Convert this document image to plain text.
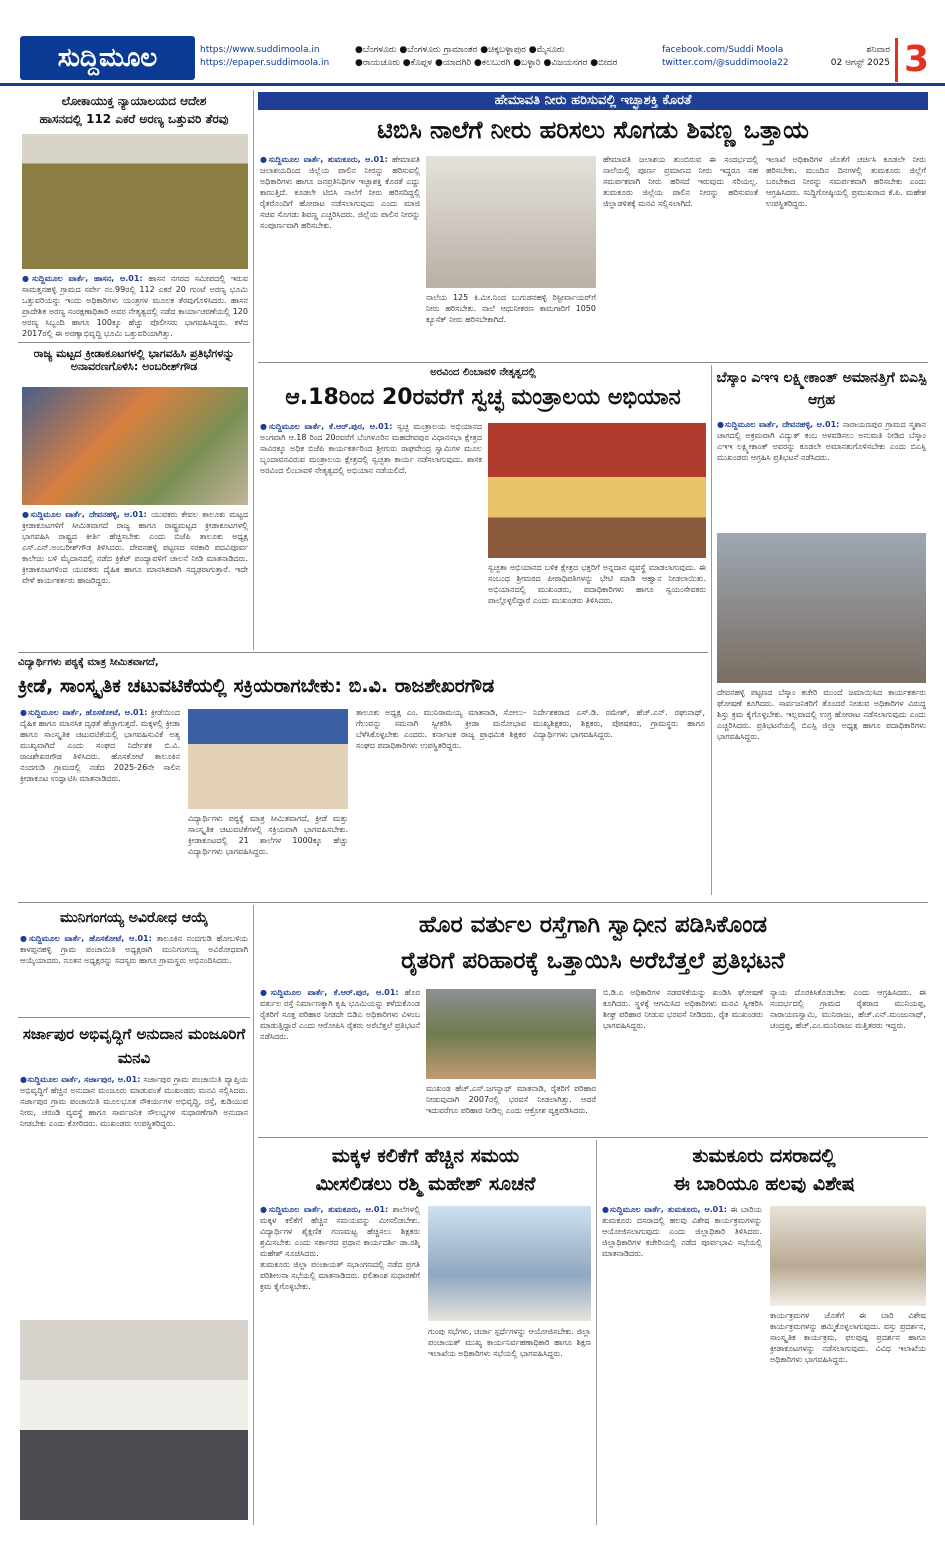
ಸುದ್ದಿಮೂಲ	https://www.suddimoola.in
https://epaper.suddimoola.in
●ಬೆಂಗಳೂರು ●ಬೆಂಗಳೂರು ಗ್ರಾಮಾಂತರ ●ಚಿಕ್ಕಬಳ್ಳಾಪುರ ●ಮೈಸೂರು
●ರಾಯಚೂರು ●ಕೊಪ್ಪಳ ●ಯಾದಗಿರಿ ●ಕಲಬುರಗಿ ●ಬಳ್ಳಾರಿ ●ವಿಜಯನಗರ ●ಬೀದರ
facebook.com/Suddi Moola
twitter.com/@suddimoola22
ಶನಿವಾರ
02 ಆಗಸ್ಟ್ 2025 3
ಲೋಕಾಯುಕ್ತ ನ್ಯಾಯಾಲಯದ ಆದೇಶ
ಹಾಸನದಲ್ಲಿ 112 ಎಕರೆ ಅರಣ್ಯ ಒತ್ತುವರಿ ತೆರವು
●ಸುದ್ದಿಮೂಲ ವಾರ್ತೆ, ಹಾಸನ, ಆ.01: ಹಾಸನ ನಗರದ ಸಮೀಪದಲ್ಲಿ ಇರುವ ಸಾಮತ್ತನಹಳ್ಳಿ ಗ್ರಾಮದ ಸರ್ವೇ ನಂ.99ರಲ್ಲಿ 112 ಎಕರೆ 20 ಗುಂಟೆ ಅರಣ್ಯ ಭೂಮಿ ಒತ್ತುವರಿಯನ್ನು ಇಂದು ಅಧಿಕಾರಿಗಳು ಯಂತ್ರಗಳ ಮೂಲಕ ತೆರವುಗೊಳಿಸಿದರು. ಹಾಸನ ಪ್ರಾದೇಶಿಕ ಅರಣ್ಯ ಸಂರಕ್ಷಣಾಧಿಕಾರಿ ಅವರ ನೇತೃತ್ವದಲ್ಲಿ ನಡೆದ ಕಾರ್ಯಾಚರಣೆಯಲ್ಲಿ 120 ಅರಣ್ಯ ಸಿಬ್ಬಂದಿ ಹಾಗೂ 100ಕ್ಕೂ ಹೆಚ್ಚು ಪೊಲೀಸರು ಭಾಗವಹಿಸಿದ್ದರು. ಕಳೆದ 2017ರಲ್ಲಿ ಈ ಅರಣ್ಯಾಭಿವೃದ್ಧಿ ಭೂಮಿ ಒತ್ತುವರಿಯಾಗಿತ್ತು.
ಹೇಮಾವತಿ ನೀರು ಹರಿಸುವಲ್ಲಿ ಇಚ್ಛಾಶಕ್ತಿ ಕೊರತೆ
ಟಿಬಿಸಿ ನಾಲೆಗೆ ನೀರು ಹರಿಸಲು ಸೊಗಡು ಶಿವಣ್ಣ ಒತ್ತಾಯ
●ಸುದ್ದಿಮೂಲ ವಾರ್ತೆ, ತುಮಕೂರು, ಆ.01: ಹೇಮಾವತಿ ಜಲಾಶಯದಿಂದ ಜಿಲ್ಲೆಯ ಪಾಲಿನ ನೀರನ್ನು ಹರಿಸುವಲ್ಲಿ ಅಧಿಕಾರಿಗಳು ಹಾಗೂ ಜನಪ್ರತಿನಿಧಿಗಳ ಇಚ್ಛಾಶಕ್ತಿ ಕೊರತೆ ಎದ್ದು ಕಾಣುತ್ತಿದೆ. ಕೂಡಲೇ ಟಿಬಿಸಿ ನಾಲೆಗೆ ನೀರು ಹರಿಸದಿದ್ದಲ್ಲಿ ರೈತರೊಂದಿಗೆ ಹೋರಾಟ ನಡೆಸಲಾಗುವುದು ಎಂದು ಮಾಜಿ ಸಚಿವ ಸೊಗಡು ಶಿವಣ್ಣ ಎಚ್ಚರಿಸಿದರು. ಜಿಲ್ಲೆಯ ಪಾಲಿನ ನೀರನ್ನು ಸಂಪೂರ್ಣವಾಗಿ ಹರಿಸಬೇಕು.
ನಾಲೆಯ 125 ಕಿ.ಮೀ.ನಿಂದ ಬುಗುಡನಹಳ್ಳಿ ರಿಸ್ಟೀರ್ವಾಯರ್‌ಗೆ ನೀರು ಹರಿಸಬೇಕು. ನಾಲೆ ಆಧುನೀಕರಣ ಕಾಮಗಾರಿಗೆ 1050 ಕ್ಯೂಸೆಕ್ ನೀರು ಹರಿಸಬೇಕಾಗಿದೆ.
ಹೇಮಾವತಿ ಜಲಾಶಯ ತುಂಬಿರುವ ಈ ಸಂದರ್ಭದಲ್ಲಿ ನಾಲೆಯಲ್ಲಿ ಪೂರ್ಣ ಪ್ರಮಾಣದ ನೀರು ಇದ್ದರೂ ಸಹ ಸಮರ್ಪಕವಾಗಿ ನೀರು ಹರಿಸದೆ ಇರುವುದು ಸರಿಯಲ್ಲ. ತುಮಕೂರು ಜಿಲ್ಲೆಯ ಪಾಲಿನ ನೀರನ್ನು ಹರಿಸುವಂತೆ ಜಿಲ್ಲಾಡಳಿತಕ್ಕೆ ಮನವಿ ಸಲ್ಲಿಸಲಾಗಿದೆ.
ಇಲಾಖೆ ಅಧಿಕಾರಿಗಳ ಜೊತೆಗೆ ಚರ್ಚಿಸಿ ಕೂಡಲೇ ನೀರು ಹರಿಸಬೇಕು. ಮುಂದಿನ ದಿನಗಳಲ್ಲಿ ತುಮಕೂರು ಜಿಲ್ಲೆಗೆ ಬರಬೇಕಾದ ನೀರನ್ನು ಸಮರ್ಪಕವಾಗಿ ಹರಿಸಬೇಕು ಎಂದು ಆಗ್ರಹಿಸಿದರು. ಸುದ್ದಿಗೋಷ್ಠಿಯಲ್ಲಿ ಪ್ರಮುಖರಾದ ಕೆ.ಪಿ. ಮಹೇಶ ಉಪಸ್ಥಿತರಿದ್ದರು.
ರಾಜ್ಯ ಮಟ್ಟದ ಕ್ರೀಡಾಕೂಟಗಳಲ್ಲಿ ಭಾಗವಹಿಸಿ ಪ್ರತಿಭೆಗಳನ್ನು ಅನಾವರಣಗೊಳಿಸಿ: ಅಂಬರೀಶ್‌ಗೌಡ
●ಸುದ್ದಿಮೂಲ ವಾರ್ತೆ, ದೇವನಹಳ್ಳಿ, ಆ.01: ಯುವಕರು ಕೇವಲ ತಾಲೂಕು ಮಟ್ಟದ ಕ್ರೀಡಾಕೂಟಗಳಿಗೆ ಸೀಮಿತವಾಗದೆ ರಾಜ್ಯ ಹಾಗೂ ರಾಷ್ಟ್ರಮಟ್ಟದ ಕ್ರೀಡಾಕೂಟಗಳಲ್ಲಿ ಭಾಗವಹಿಸಿ ರಾಷ್ಟ್ರದ ಕೀರ್ತಿ ಹೆಚ್ಚಿಸಬೇಕು ಎಂದು ಬಿಜೆಪಿ ತಾಲೂಕು ಅಧ್ಯಕ್ಷ ಎಸ್.ಎನ್.ಅಂಬರೀಶ್‌ಗೌಡ ತಿಳಿಸಿದರು. ದೇವನಹಳ್ಳಿ ಪಟ್ಟಣದ ಸರಕಾರಿ ಪದವಿಪೂರ್ವ ಕಾಲೇಜು ಬಳಿ ಮೈದಾನದಲ್ಲಿ ನಡೆದ ಕ್ರಿಕೆಟ್ ಪಂದ್ಯಾವಳಿಗೆ ಚಾಲನೆ ನೀಡಿ ಮಾತನಾಡಿದರು. ಕ್ರೀಡಾಕೂಟಗಳಿಂದ ಯುವಕರು ದೈಹಿಕ ಹಾಗೂ ಮಾನಸಿಕವಾಗಿ ಸದೃಢರಾಗುತ್ತಾರೆ. ಇದೇ ವೇಳೆ ಕಾರ್ಯಕರ್ತರು ಹಾಜರಿದ್ದರು.
ಅರವಿಂದ ಲಿಂಬಾವಳಿ ನೇತೃತ್ವದಲ್ಲಿ
ಆ.18ರಿಂದ 20ರವರೆಗೆ ಸ್ವಚ್ಛ ಮಂತ್ರಾಲಯ ಅಭಿಯಾನ
●ಸುದ್ದಿಮೂಲ ವಾರ್ತೆ, ಕೆ.ಆರ್.ಪುರ, ಆ.01: ಸ್ವಚ್ಛ ಮಂತ್ರಾಲಯ ಅಭಿಯಾನದ ಅಂಗವಾಗಿ ಆ.18 ರಿಂದ 20ರವರೆಗೆ ಬೆಂಗಳೂರಿನ ಮಹದೇವಪುರ ವಿಧಾನಸಭಾ ಕ್ಷೇತ್ರದ ಸಾವಿರಕ್ಕೂ ಅಧಿಕ ಬಿಜೆಪಿ ಕಾರ್ಯಕರ್ತರಿಂದ ಶ್ರೀಗುರು ರಾಘವೇಂದ್ರ ಸ್ವಾಮಿಗಳ ಮೂಲ ಬೃಂದಾವನವಿರುವ ಮಂತ್ರಾಲಯ ಕ್ಷೇತ್ರದಲ್ಲಿ ಸ್ವಚ್ಛತಾ ಕಾರ್ಯ ನಡೆಸಲಾಗುವುದು. ಶಾಸಕ ಅರವಿಂದ ಲಿಂಬಾವಳಿ ನೇತೃತ್ವದಲ್ಲಿ ಅಭಿಯಾನ ನಡೆಯಲಿದೆ.
ಸ್ವಚ್ಛತಾ ಅಭಿಯಾನದ ಬಳಿಕ ಕ್ಷೇತ್ರದ ಭಕ್ತರಿಗೆ ಅನ್ನದಾನ ವ್ಯವಸ್ಥೆ ಮಾಡಲಾಗುವುದು. ಈ ಸಂಬಂಧ ಶ್ರೀಮಠದ ಪೀಠಾಧಿಪತಿಗಳನ್ನು ಭೇಟಿ ಮಾಡಿ ಆಹ್ವಾನ ನೀಡಲಾಯಿತು. ಅಭಿಯಾನದಲ್ಲಿ ಮುಖಂಡರು, ಪದಾಧಿಕಾರಿಗಳು ಹಾಗೂ ಸ್ವಯಂಸೇವಕರು ಪಾಲ್ಗೊಳ್ಳಲಿದ್ದಾರೆ ಎಂದು ಮುಖಂಡರು ತಿಳಿಸಿದರು.
ಬೆಸ್ಕಾಂ ಎಇಇ ಲಕ್ಷ್ಮೀಕಾಂತ್ ಅಮಾನತ್ತಿಗೆ ಬಿಎಸ್ಪಿ ಆಗ್ರಹ
●ಸುದ್ದಿಮೂಲ ವಾರ್ತೆ, ದೇವನಹಳ್ಳಿ, ಆ.01: ನಾರಾಯಣಪುರ ಗ್ರಾಮದ ಸ್ಮಶಾನ ಜಾಗದಲ್ಲಿ ಅಕ್ರಮವಾಗಿ ವಿದ್ಯುತ್ ಕಂಬ ಅಳವಡಿಸಲು ಅನುಮತಿ ನೀಡಿದ ಬೆಸ್ಕಾಂ ಎಇಇ ಲಕ್ಷ್ಮೀಕಾಂತ್ ಅವರನ್ನು ಕೂಡಲೇ ಅಮಾನತುಗೊಳಿಸಬೇಕು ಎಂದು ಬಿಎಸ್ಪಿ ಮುಖಂಡರು ಆಗ್ರಹಿಸಿ ಪ್ರತಿಭಟನೆ ನಡೆಸಿದರು.
ದೇವನಹಳ್ಳಿ ಪಟ್ಟಣದ ಬೆಸ್ಕಾಂ ಕಚೇರಿ ಮುಂದೆ ಜಮಾಯಿಸಿದ ಕಾರ್ಯಕರ್ತರು ಘೋಷಣೆ ಕೂಗಿದರು. ಸಾರ್ವಜನಿಕರಿಗೆ ತೊಂದರೆ ನೀಡುವ ಅಧಿಕಾರಿಗಳ ವಿರುದ್ಧ ಶಿಸ್ತು ಕ್ರಮ ಕೈಗೊಳ್ಳಬೇಕು. ಇಲ್ಲವಾದಲ್ಲಿ ಉಗ್ರ ಹೋರಾಟ ನಡೆಸಲಾಗುವುದು ಎಂದು ಎಚ್ಚರಿಸಿದರು. ಪ್ರತಿಭಟನೆಯಲ್ಲಿ ಬಿಎಸ್ಪಿ ಜಿಲ್ಲಾ ಅಧ್ಯಕ್ಷ ಹಾಗೂ ಪದಾಧಿಕಾರಿಗಳು ಭಾಗವಹಿಸಿದ್ದರು.
ವಿದ್ಯಾರ್ಥಿಗಳು ಪಠ್ಯಕ್ಕೆ ಮಾತ್ರ ಸೀಮಿತವಾಗದೆ,
ಕ್ರೀಡೆ, ಸಾಂಸ್ಕೃತಿಕ ಚಟುವಟಿಕೆಯಲ್ಲಿ ಸಕ್ರಿಯರಾಗಬೇಕು: ಬಿ.ವಿ. ರಾಜಶೇಖರಗೌಡ
●ಸುದ್ದಿಮೂಲ ವಾರ್ತೆ, ಹೊಸಕೋಟೆ, ಆ.01: ಕ್ರೀಡೆಯಿಂದ ದೈಹಿಕ ಹಾಗೂ ಮಾನಸಿಕ ದೃಢತೆ ಹೆಚ್ಚಾಗುತ್ತದೆ. ಮಕ್ಕಳಲ್ಲಿ ಕ್ರೀಡಾ ಹಾಗೂ ಸಾಂಸ್ಕೃತಿಕ ಚಟುವಟಿಕೆಯಲ್ಲಿ ಭಾಗವಹಿಸುವಿಕೆ ಅತ್ಯ ಮುಖ್ಯವಾಗಿದೆ ಎಂದು ಸಂಘದ ನಿರ್ದೇಶಕ ಬಿ.ವಿ. ರಾಜಶೇಖರಗೌಡ ತಿಳಿಸಿದರು. ಹೊಸಕೋಟೆ ತಾಲೂಕಿನ ನಂದಗುಡಿ ಗ್ರಾಮದಲ್ಲಿ ನಡೆದ 2025-26ನೇ ಸಾಲಿನ ಕ್ರೀಡಾಕೂಟ ಉದ್ಘಾಟಿಸಿ ಮಾತನಾಡಿದರು.
ವಿದ್ಯಾರ್ಥಿಗಳು ಪಠ್ಯಕ್ಕೆ ಮಾತ್ರ ಸೀಮಿತವಾಗದೆ, ಕ್ರೀಡೆ ಮತ್ತು ಸಾಂಸ್ಕೃತಿಕ ಚಟುವಟಿಕೆಗಳಲ್ಲಿ ಸಕ್ರಿಯವಾಗಿ ಭಾಗವಹಿಸಬೇಕು. ಕ್ರೀಡಾಕೂಟದಲ್ಲಿ 21 ಶಾಲೆಗಳ 1000ಕ್ಕೂ ಹೆಚ್ಚು ವಿದ್ಯಾರ್ಥಿಗಳು ಭಾಗವಹಿಸಿದ್ದರು.
ತಾಲೂಕು ಅಧ್ಯಕ್ಷ ಎಂ. ಮುನಿರಾಮಯ್ಯ ಮಾತನಾಡಿ, ಸೋಲು-ಗೆಲುವನ್ನು ಸಮನಾಗಿ ಸ್ವೀಕರಿಸಿ ಕ್ರೀಡಾ ಮನೋಭಾವ ಬೆಳೆಸಿಕೊಳ್ಳಬೇಕು ಎಂದರು. ಕರ್ನಾಟಕ ರಾಜ್ಯ ಪ್ರಾಥಮಿಕ ಶಿಕ್ಷಕರ ಸಂಘದ ಪದಾಧಿಕಾರಿಗಳು ಉಪಸ್ಥಿತರಿದ್ದರು.
ನಿರ್ದೇಶಕರಾದ ಎಸ್.ಡಿ. ರಮೇಶ್, ಹೆಚ್.ಎನ್. ರಘುನಾಥ್, ಮುಖ್ಯಶಿಕ್ಷಕರು, ಶಿಕ್ಷಕರು, ಪೋಷಕರು, ಗ್ರಾಮಸ್ಥರು ಹಾಗೂ ವಿದ್ಯಾರ್ಥಿಗಳು ಭಾಗವಹಿಸಿದ್ದರು.
ಮುನಿಗಂಗಯ್ಯ ಅವಿರೋಧ ಆಯ್ಕೆ
●ಸುದ್ದಿಮೂಲ ವಾರ್ತೆ, ಹೊಸಕೋಟೆ, ಆ.01: ತಾಲೂಕಿನ ನಂದಗುಡಿ ಹೋಬಳಿಯ ಕಾಳಪ್ಪನಹಳ್ಳಿ ಗ್ರಾಮ ಪಂಚಾಯಿತಿ ಅಧ್ಯಕ್ಷರಾಗಿ ಮುನಿಗಂಗಯ್ಯ ಅವಿರೋಧವಾಗಿ ಆಯ್ಕೆಯಾದರು. ನೂತನ ಅಧ್ಯಕ್ಷರನ್ನು ಸದಸ್ಯರು ಹಾಗೂ ಗ್ರಾಮಸ್ಥರು ಅಭಿನಂದಿಸಿದರು.
ಸರ್ಜಾಪುರ ಅಭಿವೃದ್ಧಿಗೆ ಅನುದಾನ ಮಂಜೂರಿಗೆ ಮನವಿ
●ಸುದ್ದಿಮೂಲ ವಾರ್ತೆ, ಸರ್ಜಾಪುರ, ಆ.01: ಸರ್ಜಾಪುರ ಗ್ರಾಮ ಪಂಚಾಯಿತಿ ವ್ಯಾಪ್ತಿಯ ಅಭಿವೃದ್ಧಿಗೆ ಹೆಚ್ಚಿನ ಅನುದಾನ ಮಂಜೂರು ಮಾಡುವಂತೆ ಮುಖಂಡರು ಮನವಿ ಸಲ್ಲಿಸಿದರು. ಸರ್ಜಾಪುರ ಗ್ರಾಮ ಪಂಚಾಯಿತಿ ಮೂಲಭೂತ ಸೌಕರ್ಯಗಳ ಅಭಿವೃದ್ಧಿ, ರಸ್ತೆ, ಕುಡಿಯುವ ನೀರು, ಚರಂಡಿ ವ್ಯವಸ್ಥೆ ಹಾಗೂ ಸಾರ್ವಜನಿಕ ಸೌಲಭ್ಯಗಳ ಸುಧಾರಣೆಗಾಗಿ ಅನುದಾನ ನೀಡಬೇಕು ಎಂದು ಕೋರಿದರು. ಮುಖಂಡರು ಉಪಸ್ಥಿತರಿದ್ದರು.
ಹೊರ ವರ್ತುಲ ರಸ್ತೆಗಾಗಿ ಸ್ವಾಧೀನ ಪಡಿಸಿಕೊಂಡ
ರೈತರಿಗೆ ಪರಿಹಾರಕ್ಕೆ ಒತ್ತಾಯಿಸಿ ಅರೆಬೆತ್ತಲೆ ಪ್ರತಿಭಟನೆ
●ಸುದ್ದಿಮೂಲ ವಾರ್ತೆ, ಕೆ.ಆರ್.ಪುರ, ಆ.01: ಹೊರ ವರ್ತುಲ ರಸ್ತೆ ನಿರ್ಮಾಣಕ್ಕಾಗಿ ಕೃಷಿ ಭೂಮಿಯನ್ನು ಕಳೆದುಕೊಂಡ ರೈತರಿಗೆ ಸೂಕ್ತ ಪರಿಹಾರ ನೀಡದೇ ಬಿಡಿಎ ಅಧಿಕಾರಿಗಳು ವಿಳಂಬ ಮಾಡುತ್ತಿದ್ದಾರೆ ಎಂದು ಆರೋಪಿಸಿ ರೈತರು ಅರೆಬೆತ್ತಲೆ ಪ್ರತಿಭಟನೆ ನಡೆಸಿದರು.
ಮುಖಂಡ ಹೆಚ್.ಎಸ್.ಜಗನ್ನಾಥ್ ಮಾತನಾಡಿ, ರೈತರಿಗೆ ಪರಿಹಾರ ನೀಡುವುದಾಗಿ 2007ರಲ್ಲಿ ಭರವಸೆ ನೀಡಲಾಗಿತ್ತು. ಆದರೆ ಇದುವರೆಗೂ ಪರಿಹಾರ ನೀಡಿಲ್ಲ ಎಂದು ಆಕ್ರೋಶ ವ್ಯಕ್ತಪಡಿಸಿದರು.
ಬಿ.ಡಿ.ಎ ಅಧಿಕಾರಿಗಳ ನಡವಳಿಕೆಯನ್ನು ಖಂಡಿಸಿ ಘೋಷಣೆ ಕೂಗಿದರು. ಸ್ಥಳಕ್ಕೆ ಆಗಮಿಸಿದ ಅಧಿಕಾರಿಗಳು ಮನವಿ ಸ್ವೀಕರಿಸಿ ಶೀಘ್ರ ಪರಿಹಾರ ನೀಡುವ ಭರವಸೆ ನೀಡಿದರು. ರೈತ ಮುಖಂಡರು ಭಾಗವಹಿಸಿದ್ದರು.
ನ್ಯಾಯ ದೊರಕಿಸಿಕೊಡಬೇಕು ಎಂದು ಆಗ್ರಹಿಸಿದರು. ಈ ಸಂದರ್ಭದಲ್ಲಿ ಗ್ರಾಮದ ರೈತರಾದ ಮುನಿಯಪ್ಪ, ನಾರಾಯಣಸ್ವಾಮಿ, ಮುನಿರಾಜು, ಹೆಚ್.ಎನ್.ಮಂಜುನಾಥ್, ಚಂದ್ರಪ್ಪ, ಹೆಚ್.ಎಂ.ಮುನಿರಾಜು ಮತ್ತಿತರರು ಇದ್ದರು.
ಮಕ್ಕಳ ಕಲಿಕೆಗೆ ಹೆಚ್ಚಿನ ಸಮಯ
ಮೀಸಲಿಡಲು ರಶ್ಮಿ ಮಹೇಶ್ ಸೂಚನೆ
●ಸುದ್ದಿಮೂಲ ವಾರ್ತೆ, ತುಮಕೂರು, ಆ.01: ಶಾಲೆಗಳಲ್ಲಿ ಮಕ್ಕಳ ಕಲಿಕೆಗೆ ಹೆಚ್ಚಿನ ಸಮಯವನ್ನು ಮೀಸಲಿಡಬೇಕು. ವಿದ್ಯಾರ್ಥಿಗಳ ಶೈಕ್ಷಣಿಕ ಗುಣಮಟ್ಟ ಹೆಚ್ಚಿಸಲು ಶಿಕ್ಷಕರು ಶ್ರಮಿಸಬೇಕು ಎಂದು ಸರ್ಕಾರದ ಪ್ರಧಾನ ಕಾರ್ಯದರ್ಶಿ ಡಾ.ರಶ್ಮಿ ಮಹೇಶ್ ಸೂಚಿಸಿದರು.
ತುಮಕೂರು ಜಿಲ್ಲಾ ಪಂಚಾಯತ್ ಸಭಾಂಗಣದಲ್ಲಿ ನಡೆದ ಪ್ರಗತಿ ಪರಿಶೀಲನಾ ಸಭೆಯಲ್ಲಿ ಮಾತನಾಡಿದರು. ಫಲಿತಾಂಶ ಸುಧಾರಣೆಗೆ ಕ್ರಮ ಕೈಗೊಳ್ಳಬೇಕು.
ಗುಂಪು ಸಭೆಗಳು, ಚರ್ಚಾ ಸ್ಪರ್ಧೆಗಳನ್ನು ಆಯೋಜಿಸಬೇಕು. ಜಿಲ್ಲಾ ಪಂಚಾಯತ್ ಮುಖ್ಯ ಕಾರ್ಯನಿರ್ವಹಣಾಧಿಕಾರಿ ಹಾಗೂ ಶಿಕ್ಷಣ ಇಲಾಖೆಯ ಅಧಿಕಾರಿಗಳು ಸಭೆಯಲ್ಲಿ ಭಾಗವಹಿಸಿದ್ದರು.
ತುಮಕೂರು ದಸರಾದಲ್ಲಿ
ಈ ಬಾರಿಯೂ ಹಲವು ವಿಶೇಷ
●ಸುದ್ದಿಮೂಲ ವಾರ್ತೆ, ತುಮಕೂರು, ಆ.01: ಈ ಬಾರಿಯ ತುಮಕೂರು ದಸರಾದಲ್ಲಿ ಹಲವು ವಿಶೇಷ ಕಾರ್ಯಕ್ರಮಗಳನ್ನು ಆಯೋಜಿಸಲಾಗುವುದು ಎಂದು ಜಿಲ್ಲಾಧಿಕಾರಿ ತಿಳಿಸಿದರು. ಜಿಲ್ಲಾಧಿಕಾರಿಗಳ ಕಚೇರಿಯಲ್ಲಿ ನಡೆದ ಪೂರ್ವಭಾವಿ ಸಭೆಯಲ್ಲಿ ಮಾತನಾಡಿದರು.
ಕಾರ್ಯಕ್ರಮಗಳ ಜೊತೆಗೆ ಈ ಬಾರಿ ವಿಶೇಷ ಕಾರ್ಯಕ್ರಮಗಳನ್ನು ಹಮ್ಮಿಕೊಳ್ಳಲಾಗುವುದು. ವಸ್ತು ಪ್ರದರ್ಶನ, ಸಾಂಸ್ಕೃತಿಕ ಕಾರ್ಯಕ್ರಮ, ಫಲಪುಷ್ಪ ಪ್ರದರ್ಶನ ಹಾಗೂ ಕ್ರೀಡಾಕೂಟಗಳನ್ನು ನಡೆಸಲಾಗುವುದು. ವಿವಿಧ ಇಲಾಖೆಯ ಅಧಿಕಾರಿಗಳು ಭಾಗವಹಿಸಿದ್ದರು.
